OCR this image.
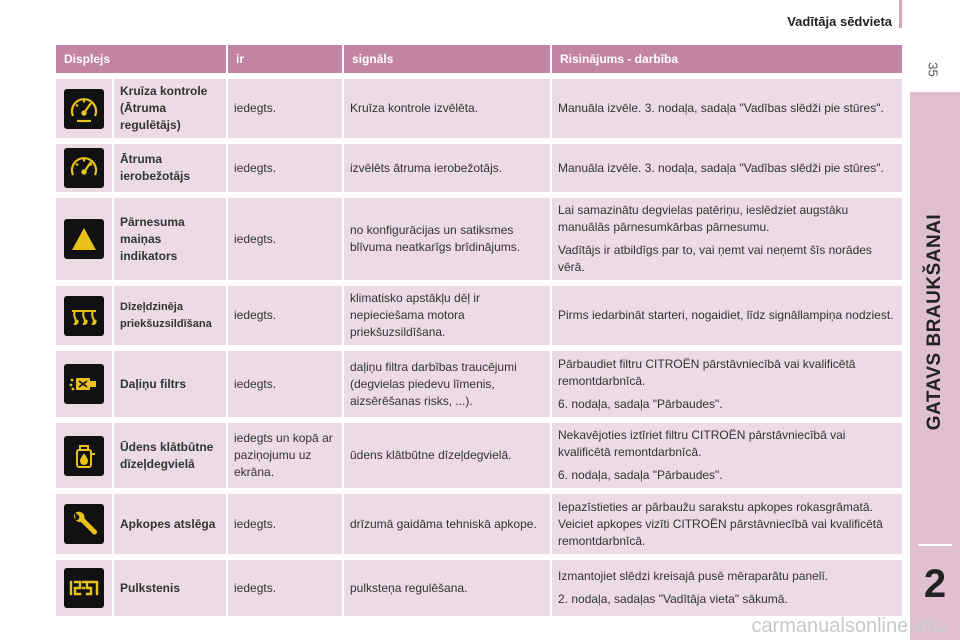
Vadītāja sēdvieta
35
GATAVS BRAUKŠANAI
2
Displejs		ir	signāls	Risinājums - darbība

	Kruīza kontrole (Ātruma regulētājs)	iedegts.	Kruīza kontrole izvēlēta.	Manuāla izvēle. 3. nodaļa, sadaļa "Vadības slēdži pie stūres".

	Ātruma ierobežotājs	iedegts.	izvēlēts ātruma ierobežotājs.	Manuāla izvēle. 3. nodaļa, sadaļa "Vadības slēdži pie stūres".

	Pārnesuma maiņas indikators	iedegts.	no konfigurācijas un satiksmes blīvuma neatkarīgs brīdinājums.	Lai samazinātu degvielas patēriņu, ieslēdziet augstāku manuālās pārnesumkārbas pārnesumu.

Vadītājs ir atbildīgs par to, vai ņemt vai neņemt šīs norādes vērā.

	Dīzeļdzinēja priekšuzsildīšana	iedegts.	klimatisko apstākļu dēļ ir nepieciešama motora priekšuzsildīšana.	Pirms iedarbināt starteri, nogaidiet, līdz signāllampiņa nodziest.

	Daļiņu filtrs	iedegts.	daļiņu filtra darbības traucējumi (degvielas piedevu līmenis, aizsērēšanas risks, ...).	Pārbaudiet filtru CITROËN pārstāvniecībā vai kvalificētā remontdarbnīcā.

6. nodaļa, sadaļa "Pārbaudes".

	Ūdens klātbūtne dīzeļdegvielā	iedegts un kopā ar paziņojumu uz ekrāna.	ūdens klātbūtne dīzeļdegvielā.	Nekavējoties iztīriet filtru CITROËN pārstāvniecībā vai kvalificētā remontdarbnīcā.

6. nodaļa, sadaļa "Pārbaudes".

	Apkopes atslēga	iedegts.	drīzumā gaidāma tehniskā apkope.	Iepazīstieties ar pārbaužu sarakstu apkopes rokasgrāmatā. Veiciet apkopes vizīti CITROËN pārstāvniecībā vai kvalificētā remontdarbnīcā.

	Pulkstenis	iedegts.	pulksteņa regulēšana.	Izmantojiet slēdzi kreisajā pusē mēraparātu panelī.

2. nodaļa, sadaļas "Vadītāja vieta" sākumā.

carmanualsonline.info
